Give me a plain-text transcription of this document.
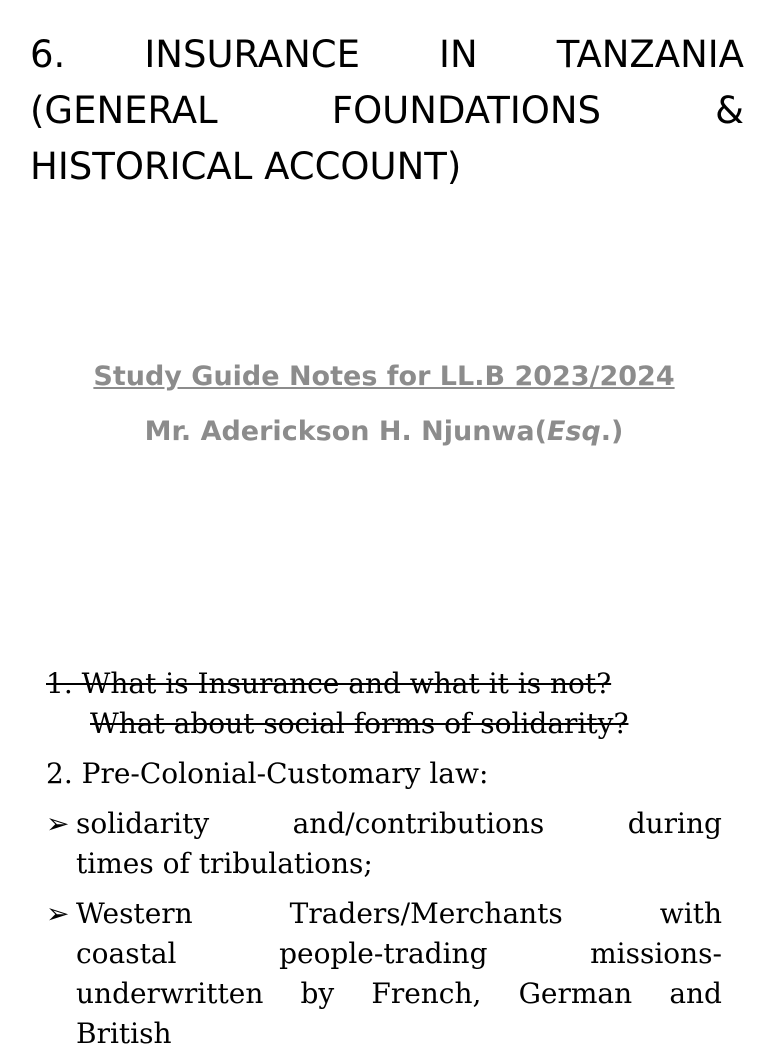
6. INSURANCE IN TANZANIA
(GENERAL	FOUNDATIONS	&
HISTORICAL ACCOUNT)
Study Guide Notes for LL.B 2023/2024
Mr. Aderickson H. Njunwa(Esq.)
1. What is Insurance and what it is not?
What about social forms of solidarity?
2. Pre-Colonial-Customary law:
➢ solidarity	and/contributions	during
times of tribulations;
➢ Western	Traders/Merchants	with
coastal	people-trading	missions-
underwritten by French, German and
British
